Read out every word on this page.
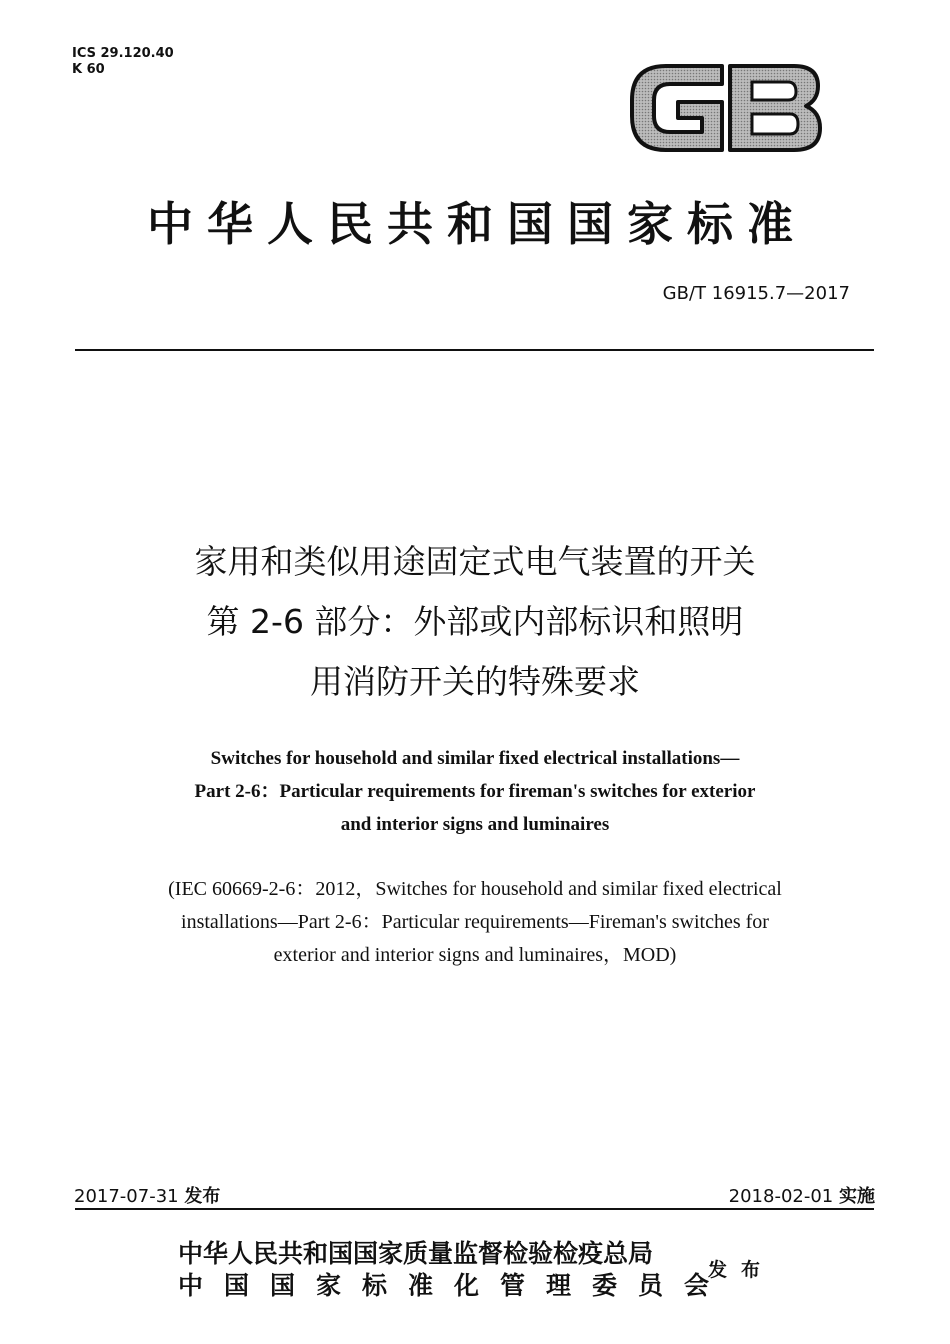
ICS 29.120.40
K 60
中华人民共和国国家标准
GB/T 16915.7—2017
家用和类似用途固定式电气装置的开关
第 2-6 部分：外部或内部标识和照明
用消防开关的特殊要求
Switches for household and similar fixed electrical installations—
Part 2-6：Particular requirements for fireman's switches for exterior
and interior signs and luminaires
(IEC 60669-2-6：2012，Switches for household and similar fixed electrical
installations—Part 2-6：Particular requirements—Fireman's switches for
exterior and interior signs and luminaires，MOD)
2017-07-31 发布	2018-02-01 实施
中华人民共和国国家质量监督检验检疫总局
中国国家标准化管理委员会
发布
